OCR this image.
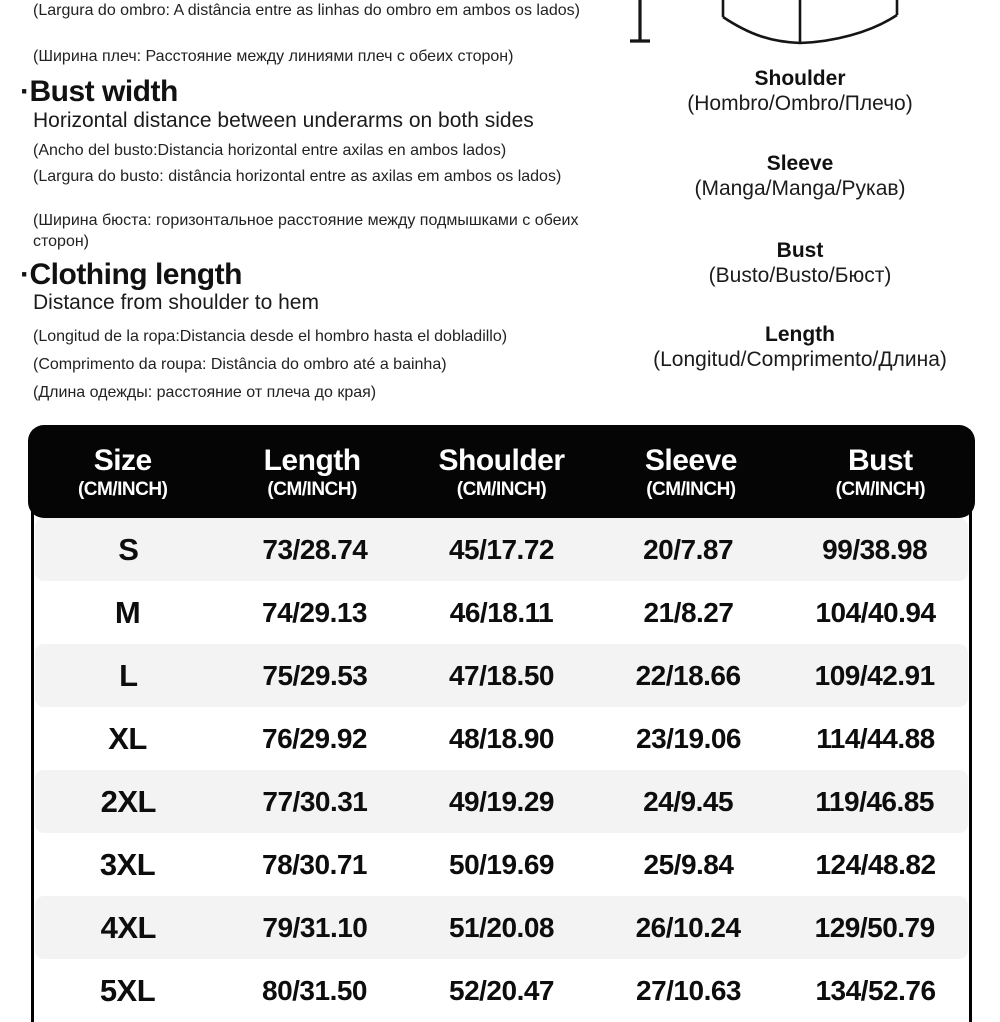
(Largura do ombro: A distância entre as linhas do ombro em ambos os lados)
(Ширина плеч: Расстояние между линиями плеч с обеих сторон)
·Bust width
Horizontal distance between underarms on both sides
(Ancho del busto:Distancia horizontal entre axilas en ambos lados)
(Largura do busto: distância horizontal entre as axilas em ambos os lados)
(Ширина бюста: горизонтальное расстояние между подмышками с обеих сторон)
·Clothing length
Distance from shoulder to hem
(Longitud de la ropa:Distancia desde el hombro hasta el dobladillo)
(Comprimento da roupa: Distância do ombro até a bainha)
(Длина одежды: расстояние от плеча до края)
Shoulder
(Hombro/Ombro/Плечо)
Sleeve
(Manga/Manga/Рукав)
Bust
(Busto/Busto/Бюст)
Length
(Longitud/Comprimento/Длина)
Size
(CM/INCH)
Length
(CM/INCH)
Shoulder
(CM/INCH)
Sleeve
(CM/INCH)
Bust
(CM/INCH)
S	73/28.74	45/17.72	20/7.87	99/38.98
M	74/29.13	46/18.11	21/8.27	104/40.94
L	75/29.53	47/18.50	22/18.66	109/42.91
XL	76/29.92	48/18.90	23/19.06	114/44.88
2XL	77/30.31	49/19.29	24/9.45	119/46.85
3XL	78/30.71	50/19.69	25/9.84	124/48.82
4XL	79/31.10	51/20.08	26/10.24	129/50.79
5XL	80/31.50	52/20.47	27/10.63	134/52.76
